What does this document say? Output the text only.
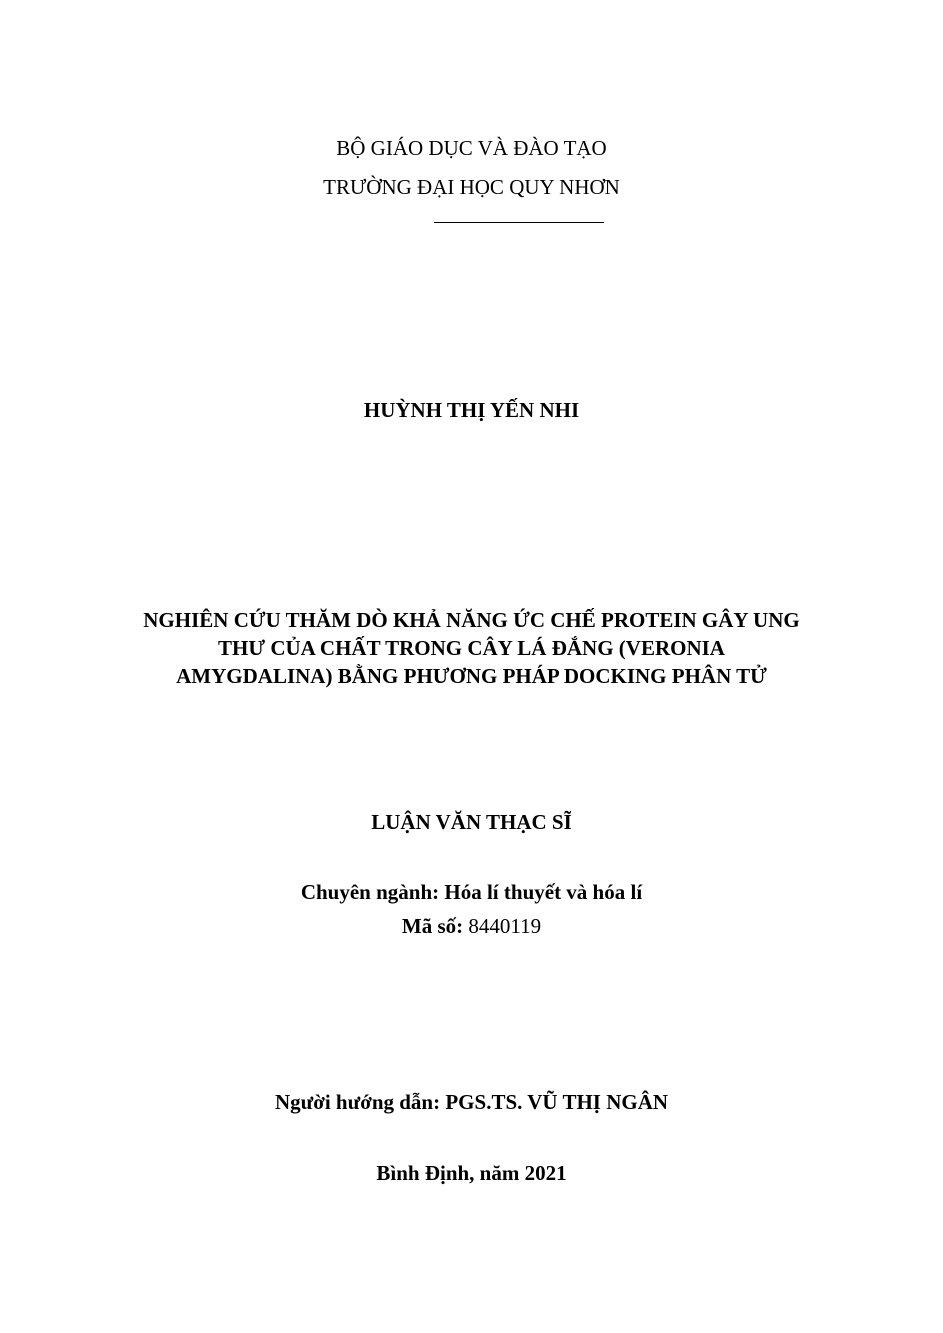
BỘ GIÁO DỤC VÀ ĐÀO TẠO
TRƯỜNG ĐẠI HỌC QUY NHƠN
HUỲNH THỊ YẾN NHI
NGHIÊN CỨU THĂM DÒ KHẢ NĂNG ỨC CHẾ PROTEIN GÂY UNG
THƯ CỦA CHẤT TRONG CÂY LÁ ĐẮNG (VERONIA
AMYGDALINA) BẰNG PHƯƠNG PHÁP DOCKING PHÂN TỬ
LUẬN VĂN THẠC SĨ
Chuyên ngành: Hóa lí thuyết và hóa lí
Mã số: 8440119
Người hướng dẫn: PGS.TS. VŨ THỊ NGÂN
Bình Định, năm 2021
